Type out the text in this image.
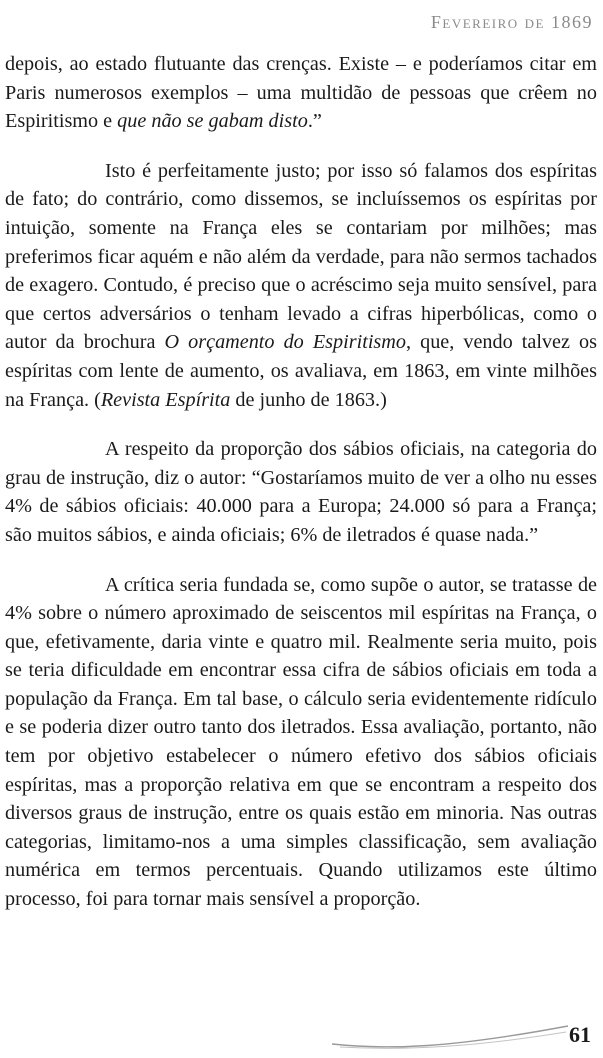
Fevereiro de 1869

depois, ao estado flutuante das crenças. Existe – e poderíamos citar em Paris numerosos exemplos – uma multidão de pessoas que crêem no Espiritismo e que não se gabam disto.”

Isto é perfeitamente justo; por isso só falamos dos espíritas de fato; do contrário, como dissemos, se incluíssemos os espíritas por intuição, somente na França eles se contariam por milhões; mas preferimos ficar aquém e não além da verdade, para não sermos tachados de exagero. Contudo, é preciso que o acréscimo seja muito sensível, para que certos adversários o tenham levado a cifras hiperbólicas, como o autor da brochura O orçamento do Espiritismo, que, vendo talvez os espíritas com lente de aumento, os avaliava, em 1863, em vinte milhões na França. (Revista Espírita de junho de 1863.)

A respeito da proporção dos sábios oficiais, na categoria do grau de instrução, diz o autor: “Gostaríamos muito de ver a olho nu esses 4% de sábios oficiais: 40.000 para a Europa; 24.000 só para a França; são muitos sábios, e ainda oficiais; 6% de iletrados é quase nada.”

A crítica seria fundada se, como supõe o autor, se tratasse de 4% sobre o número aproximado de seiscentos mil espíritas na França, o que, efetivamente, daria vinte e quatro mil. Realmente seria muito, pois se teria dificuldade em encontrar essa cifra de sábios oficiais em toda a população da França. Em tal base, o cálculo seria evidentemente ridículo e se poderia dizer outro tanto dos iletrados. Essa avaliação, portanto, não tem por objetivo estabelecer o número efetivo dos sábios oficiais espíritas, mas a proporção relativa em que se encontram a respeito dos diversos graus de instrução, entre os quais estão em minoria. Nas outras categorias, limitamo-nos a uma simples classificação, sem avaliação numérica em termos percentuais. Quando utilizamos este último processo, foi para tornar mais sensível a proporção.

61
